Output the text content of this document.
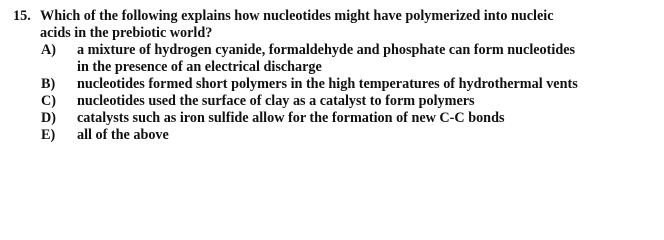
15. Which of the following explains how nucleotides might have polymerized into nucleic
acids in the prebiotic world?
A)	a mixture of hydrogen cyanide, formaldehyde and phosphate can form nucleotides
in the presence of an electrical discharge
B)	nucleotides formed short polymers in the high temperatures of hydrothermal vents
C)	nucleotides used the surface of clay as a catalyst to form polymers
D)	catalysts such as iron sulfide allow for the formation of new C-C bonds
E)	all of the above
